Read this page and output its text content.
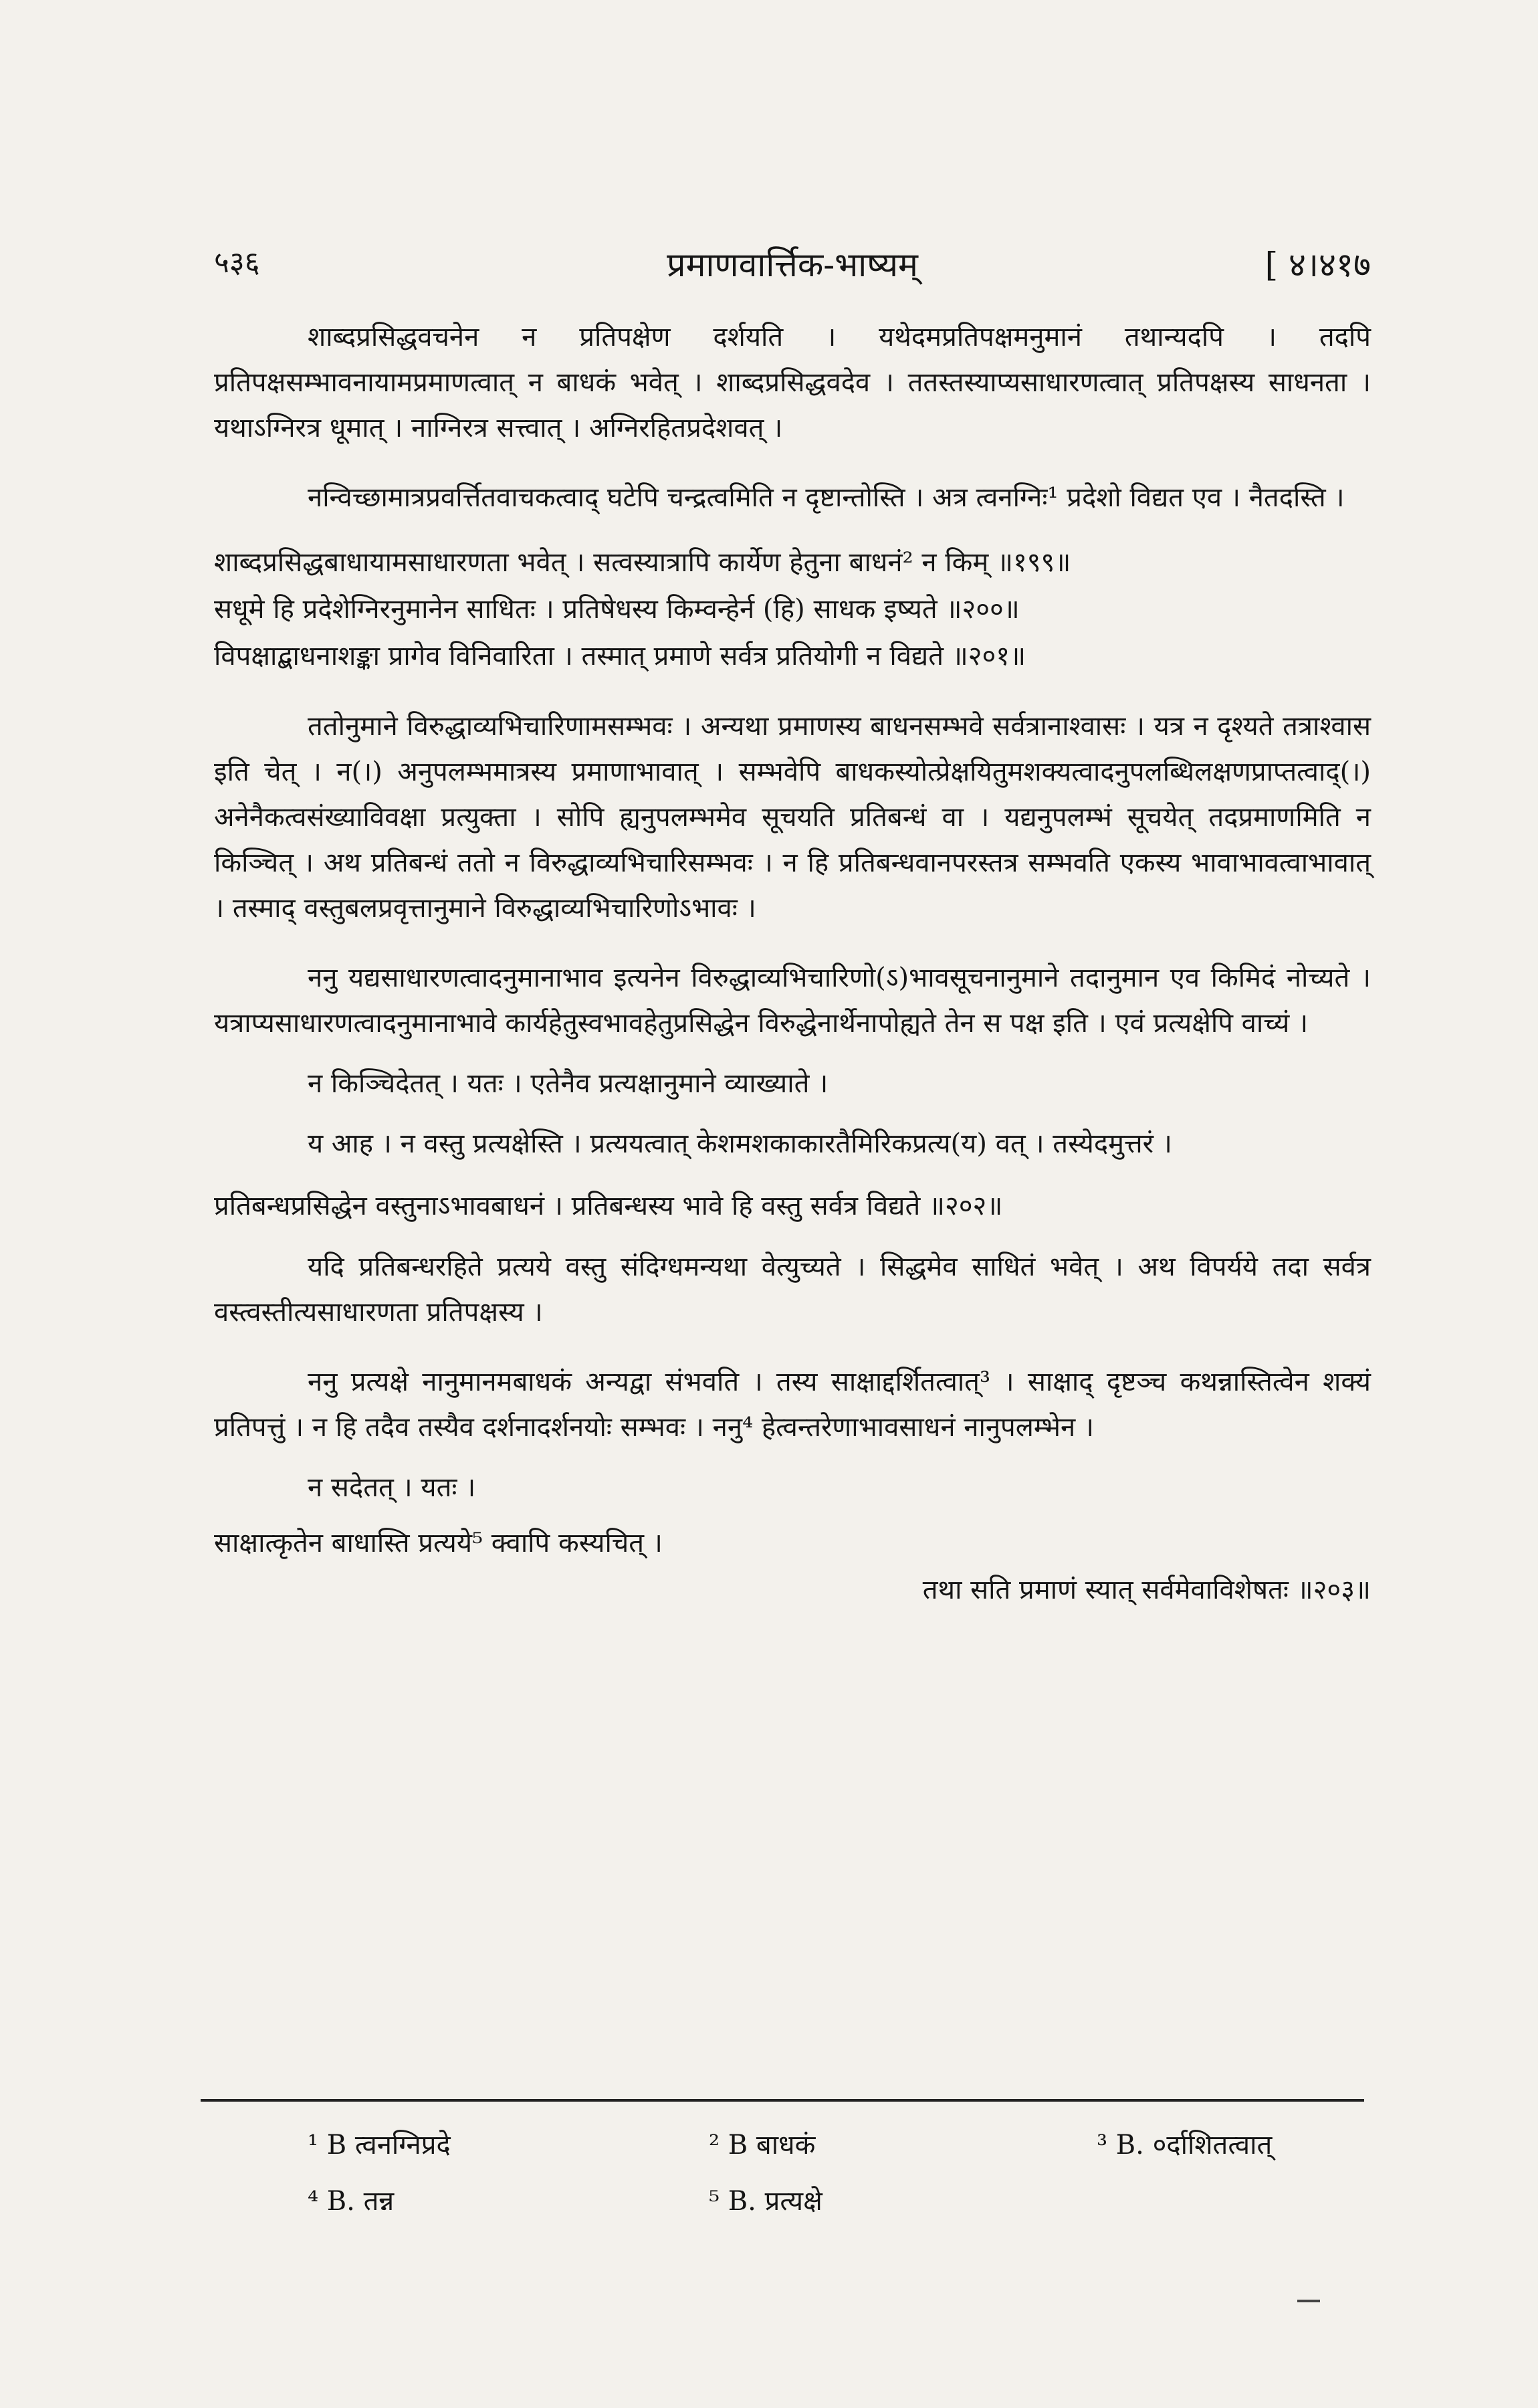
५३६	प्रमाणवार्त्तिक-भाष्यम्	[ ४।४१७

शाब्दप्रसिद्धवचनेन न प्रतिपक्षेण दर्शयति । यथेदमप्रतिपक्षमनुमानं तथान्यदपि । तदपि प्रतिपक्षसम्भावनायामप्रमाणत्वात् न बाधकं भवेत् । शाब्दप्रसिद्धवदेव । ततस्तस्याप्यसाधारणत्वात् प्रतिपक्षस्य साधनता । यथाऽग्निरत्र धूमात् । नाग्निरत्र सत्त्वात् । अग्निरहितप्रदेशवत् ।

नन्विच्छामात्रप्रवर्त्तितवाचकत्वाद् घटेपि चन्द्रत्वमिति न दृष्टान्तोस्ति । अत्र त्वनग्निः¹ प्रदेशो विद्यत एव । नैतदस्ति ।

शाब्दप्रसिद्धबाधायामसाधारणता भवेत् । सत्वस्यात्रापि कार्येण हेतुना बाधनं² न किम् ॥१९९॥
सधूमे हि प्रदेशेग्निरनुमानेन साधितः । प्रतिषेधस्य किम्वन्हेर्न (हि) साधक इष्यते ॥२००॥
विपक्षाद्बाधनाशङ्का प्रागेव विनिवारिता । तस्मात् प्रमाणे सर्वत्र प्रतियोगी न विद्यते ॥२०१॥

ततोनुमाने विरुद्धाव्यभिचारिणामसम्भवः । अन्यथा प्रमाणस्य बाधनसम्भवे सर्वत्रानाश्वासः । यत्र न दृश्यते तत्राश्वास इति चेत् । न(।) अनुपलम्भमात्रस्य प्रमाणाभावात् । सम्भवेपि बाधकस्योत्प्रेक्षयितुमशक्यत्वादनुपलब्धिलक्षणप्राप्तत्वाद्(।) अनेनैकत्वसंख्याविवक्षा प्रत्युक्ता । सोपि ह्यनुपलम्भमेव सूचयति प्रतिबन्धं वा । यद्यनुपलम्भं सूचयेत् तदप्रमाणमिति न किञ्चित् । अथ प्रतिबन्धं ततो न विरुद्धाव्यभिचारिसम्भवः । न हि प्रतिबन्धवानपरस्तत्र सम्भवति एकस्य भावाभावत्वाभावात् । तस्माद् वस्तुबलप्रवृत्तानुमाने विरुद्धाव्यभिचारिणोऽभावः ।

ननु यद्यसाधारणत्वादनुमानाभाव इत्यनेन विरुद्धाव्यभिचारिणो(ऽ)भावसूचनानुमाने तदानुमान एव किमिदं नोच्यते । यत्राप्यसाधारणत्वादनुमानाभावे कार्यहेतुस्वभावहेतुप्रसिद्धेन विरुद्धेनार्थेनापोह्यते तेन स पक्ष इति । एवं प्रत्यक्षेपि वाच्यं ।

न किञ्चिदेतत् । यतः । एतेनैव प्रत्यक्षानुमाने व्याख्याते ।

य आह । न वस्तु प्रत्यक्षेस्ति । प्रत्ययत्वात् केशमशकाकारतैमिरिकप्रत्य(य) वत् । तस्येदमुत्तरं ।

प्रतिबन्धप्रसिद्धेन वस्तुनाऽभावबाधनं । प्रतिबन्धस्य भावे हि वस्तु सर्वत्र विद्यते ॥२०२॥

यदि प्रतिबन्धरहिते प्रत्यये वस्तु संदिग्धमन्यथा वेत्युच्यते । सिद्धमेव साधितं भवेत् । अथ विपर्यये तदा सर्वत्र वस्त्वस्तीत्यसाधारणता प्रतिपक्षस्य ।

ननु प्रत्यक्षे नानुमानमबाधकं अन्यद्वा संभवति । तस्य साक्षाद्दर्शितत्वात्³ । साक्षाद् दृष्टञ्च कथन्नास्तित्वेन शक्यं प्रतिपत्तुं । न हि तदैव तस्यैव दर्शनादर्शनयोः सम्भवः । ननु⁴ हेत्वन्तरेणाभावसाधनं नानुपलम्भेन ।

न सदेतत् । यतः ।

साक्षात्कृतेन बाधास्ति प्रत्यये⁵ क्वापि कस्यचित् ।
तथा सति प्रमाणं स्यात् सर्वमेवाविशेषतः ॥२०३॥
¹ B त्वनग्निप्रदे	² B बाधकं	³ B. ०र्दाशितत्वात्
⁴ B. तन्न	⁵ B. प्रत्यक्षे
